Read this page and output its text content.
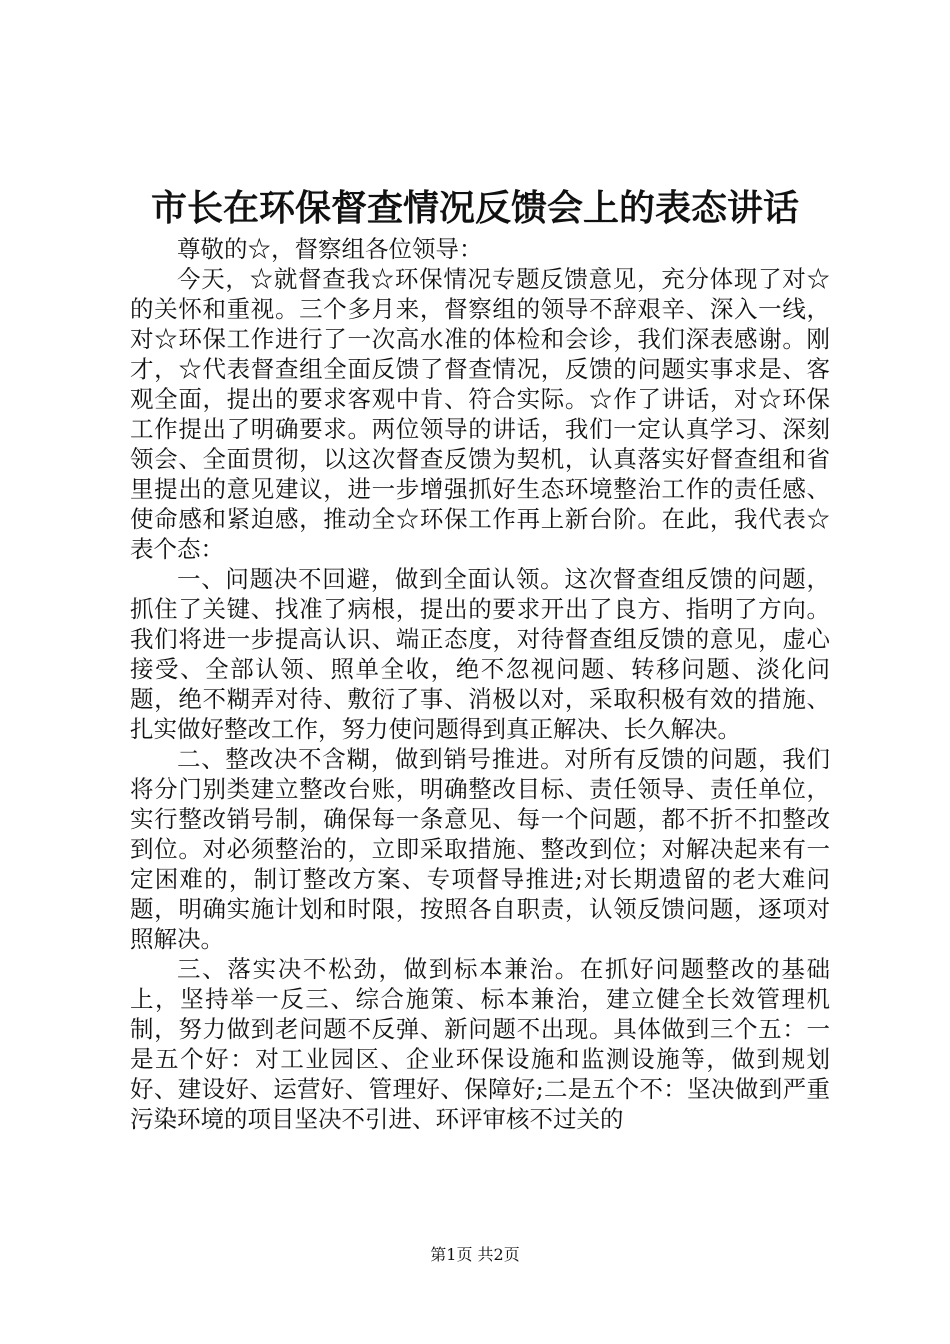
市长在环保督查情况反馈会上的表态讲话

尊敬的☆，督察组各位领导：

今天，☆就督查我☆环保情况专题反馈意见，充分体现了对☆的关怀和重视。三个多月来，督察组的领导不辞艰辛、深入一线，对☆环保工作进行了一次高水准的体检和会诊，我们深表感谢。刚才，☆代表督查组全面反馈了督查情况，反馈的问题实事求是、客观全面，提出的要求客观中肯、符合实际。☆作了讲话，对☆环保工作提出了明确要求。两位领导的讲话，我们一定认真学习、深刻领会、全面贯彻，以这次督查反馈为契机，认真落实好督查组和省里提出的意见建议，进一步增强抓好生态环境整治工作的责任感、使命感和紧迫感，推动全☆环保工作再上新台阶。在此，我代表☆表个态：

一、问题决不回避，做到全面认领。这次督查组反馈的问题，抓住了关键、找准了病根，提出的要求开出了良方、指明了方向。我们将进一步提高认识、端正态度，对待督查组反馈的意见，虚心接受、全部认领、照单全收，绝不忽视问题、转移问题、淡化问题，绝不糊弄对待、敷衍了事、消极以对，采取积极有效的措施、扎实做好整改工作，努力使问题得到真正解决、长久解决。

二、整改决不含糊，做到销号推进。对所有反馈的问题，我们将分门别类建立整改台账，明确整改目标、责任领导、责任单位，实行整改销号制，确保每一条意见、每一个问题，都不折不扣整改到位。对必须整治的，立即采取措施、整改到位；对解决起来有一定困难的，制订整改方案、专项督导推进;对长期遗留的老大难问题，明确实施计划和时限，按照各自职责，认领反馈问题，逐项对照解决。

三、落实决不松劲，做到标本兼治。在抓好问题整改的基础上，坚持举一反三、综合施策、标本兼治，建立健全长效管理机制，努力做到老问题不反弹、新问题不出现。具体做到三个五：一是五个好：对工业园区、企业环保设施和监测设施等，做到规划好、建设好、运营好、管理好、保障好;二是五个不：坚决做到严重污染环境的项目坚决不引进、环评审核不过关的

第1页 共2页
